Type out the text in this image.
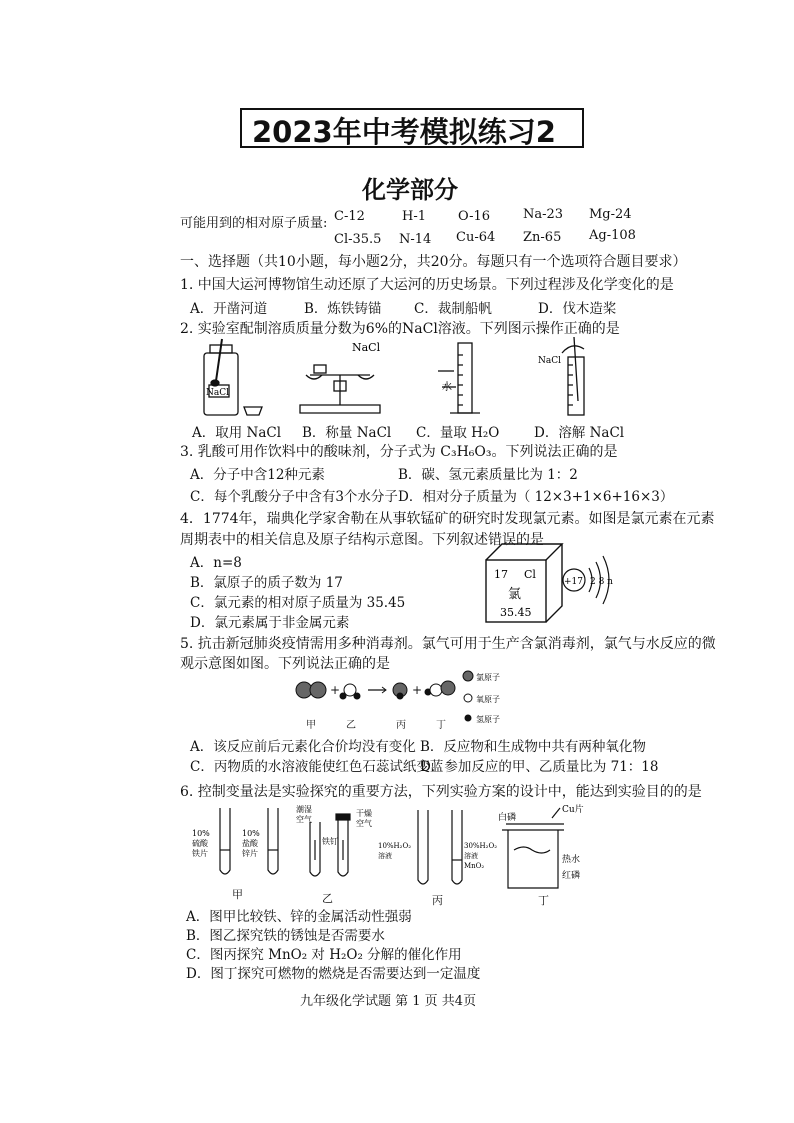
2023年中考模拟练习2
化学部分
可能用到的相对原子质量: C-12	H-1 O-16	Na-23 Mg-24
Cl-35.5 N-14 Cu-64 Zn-65 Ag-108
一、选择题（共10小题，每小题2分，共20分。每题只有一个选项符合题目要求）
1. 中国大运河博物馆生动还原了大运河的历史场景。下列过程涉及化学变化的是
A．开凿河道	B．炼铁铸锚 C．裁制船帆	D．伐木造桨
2. 实验室配制溶质质量分数为6%的NaCl溶液。下列图示操作正确的是
NaCl
NaCl
水
NaCl
A．取用 NaCl B．称量 NaCl C．量取 H₂O	D．溶解 NaCl
3. 乳酸可用作饮料中的酸味剂，分子式为 C₃H₆O₃。下列说法正确的是
A．分子中含12种元素	B．碳、氢元素质量比为 1：2
C．每个乳酸分子中含有3个水分子 D．相对分子质量为（ 12×3+1×6+16×3）
4．1774年，瑞典化学家舍勒在从事软锰矿的研究时发现氯元素。如图是氯元素在元素
周期表中的相关信息及原子结构示意图。下列叙述错误的是
A．n=8
B．氯原子的质子数为 17
C．氯元素的相对原子质量为 35.45
D．氯元素属于非金属元素
17 Cl
氯
35.45
+17 2 8 n
5. 抗击新冠肺炎疫情需用多种消毒剂。氯气可用于生产含氯消毒剂，氯气与水反应的微
观示意图如图。下列说法正确的是
+	+
氯原子
氧原子
氢原子
甲	乙	丙	丁
A．该反应前后元素化合价均没有变化 B．反应物和生成物中共有两种氧化物
C．丙物质的水溶液能使红色石蕊试纸变蓝
D．参加反应的甲、乙质量比为 71：18
6. 控制变量法是实验探究的重要方法，下列实验方案的设计中，能达到实验目的的是
10%
硫酸
铁片
10%
盐酸
锌片
潮湿
空气
干燥
空气
铁钉	10%H₂O₂
溶液
30%H₂O₂
溶液
MnO₂
白磷
Cu片
热水
红磷
甲	乙	丙	丁
A．图甲比较铁、锌的金属活动性强弱
B．图乙探究铁的锈蚀是否需要水
C．图丙探究 MnO₂ 对 H₂O₂ 分解的催化作用
D．图丁探究可燃物的燃烧是否需要达到一定温度
九年级化学试题 第 1 页 共4页
